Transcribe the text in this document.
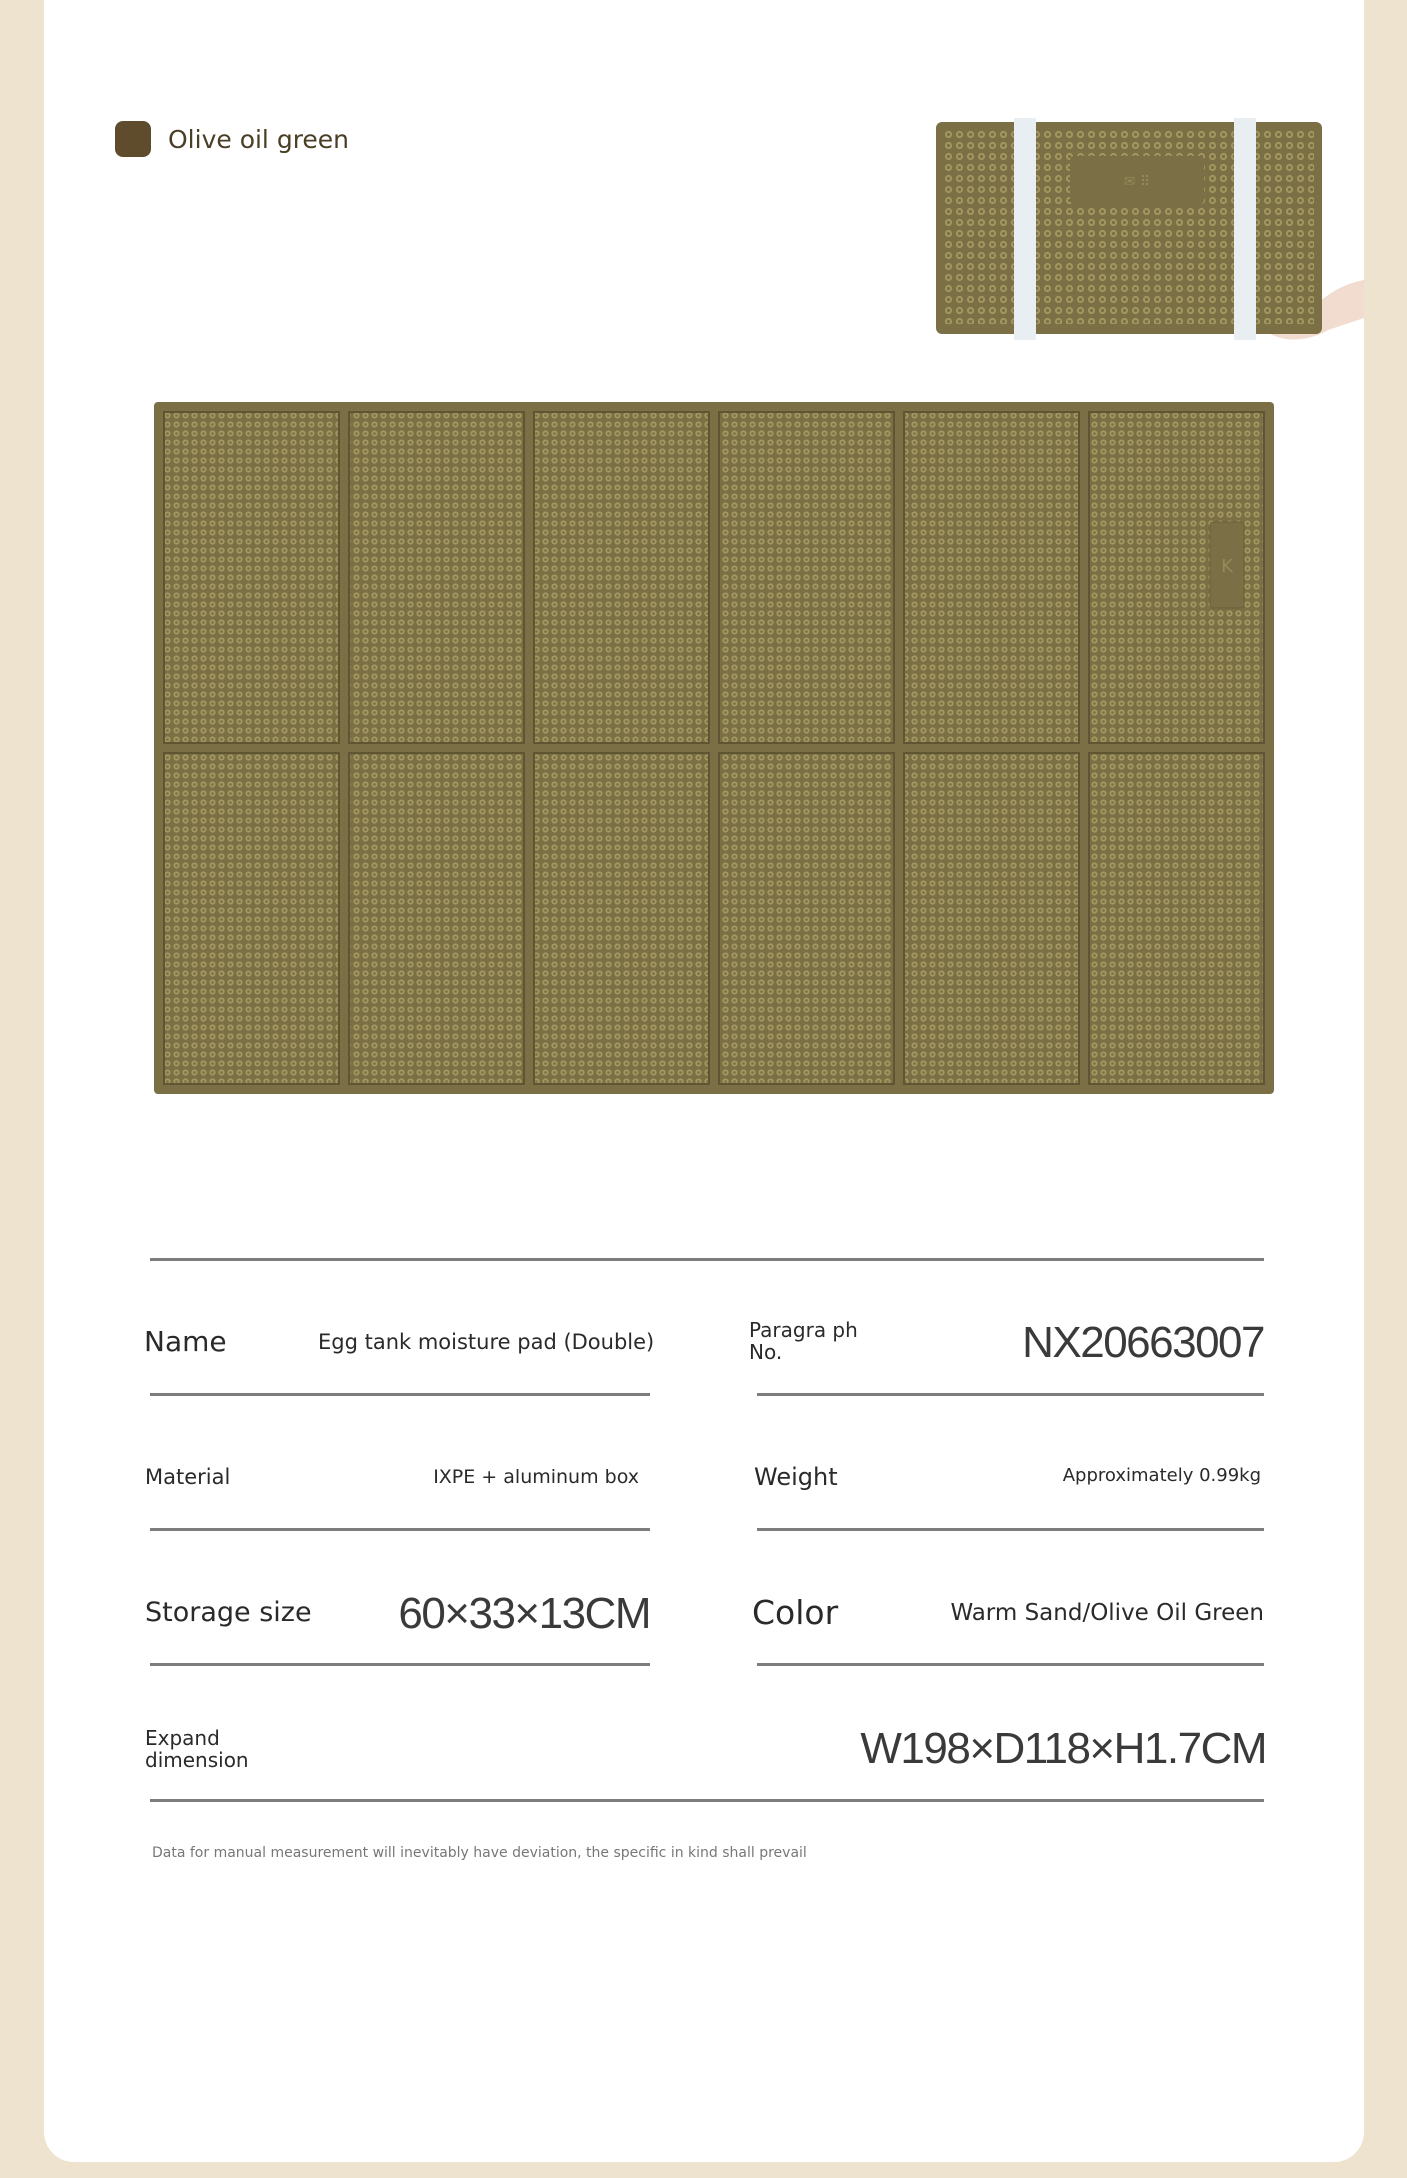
Olive oil green
✉ ⠿
K
Name	Egg tank moisture pad (Double)	Paragra ph No.	NX20663007
Material	IXPE + aluminum box	Weight	Approximately 0.99kg
Storage size 60×33×13CM	Color	Warm Sand/Olive Oil Green
Expand dimension	W198×D118×H1.7CM
Data for manual measurement will inevitably have deviation, the specific in kind shall prevail
